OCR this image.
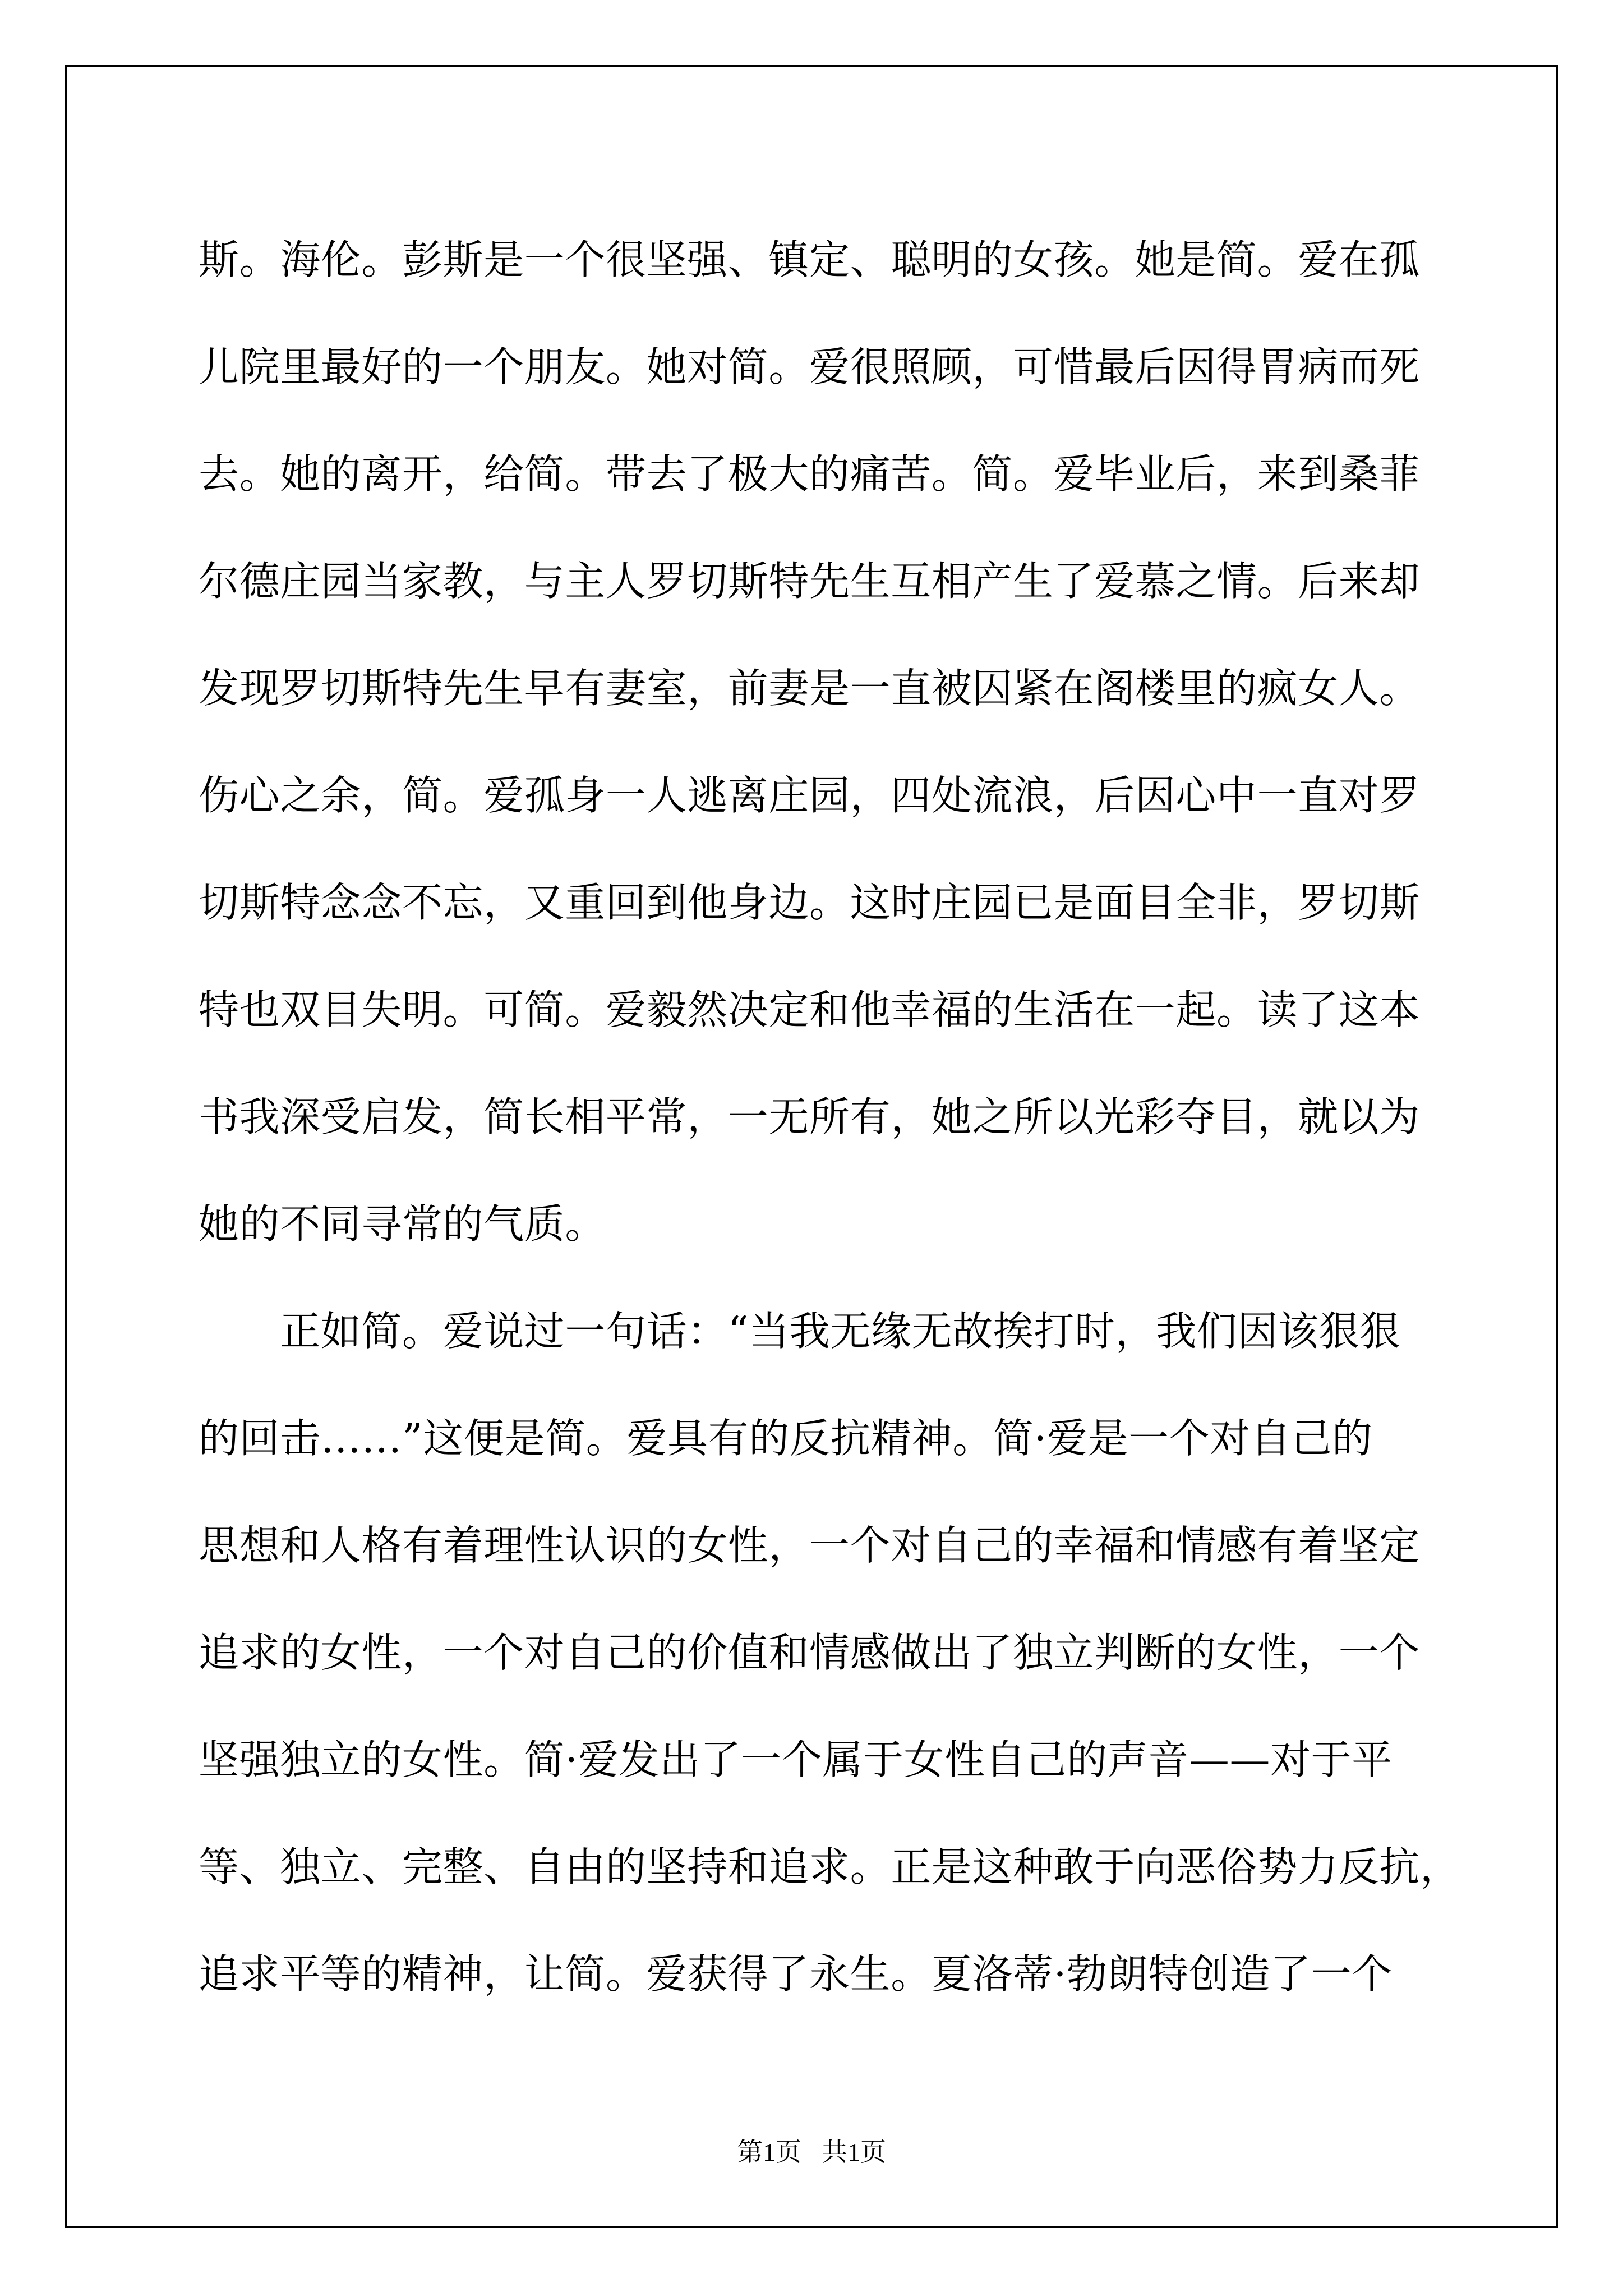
斯。海伦。彭斯是一个很坚强、镇定、聪明的女孩。她是简。爱在孤
儿院里最好的一个朋友。她对简。爱很照顾，可惜最后因得胃病而死
去。她的离开，给简。带去了极大的痛苦。简。爱毕业后，来到桑菲
尔德庄园当家教，与主人罗切斯特先生互相产生了爱慕之情。后来却
发现罗切斯特先生早有妻室，前妻是一直被囚紧在阁楼里的疯女人。
伤心之余，简。爱孤身一人逃离庄园，四处流浪，后因心中一直对罗
切斯特念念不忘，又重回到他身边。这时庄园已是面目全非，罗切斯
特也双目失明。可简。爱毅然决定和他幸福的生活在一起。读了这本
书我深受启发，简长相平常，一无所有，她之所以光彩夺目，就以为
她的不同寻常的气质。
　　正如简。爱说过一句话：“当我无缘无故挨打时，我们因该狠狠
的回击……”这便是简。爱具有的反抗精神。简·爱是一个对自己的
思想和人格有着理性认识的女性，一个对自己的幸福和情感有着坚定
追求的女性，一个对自己的价值和情感做出了独立判断的女性，一个
坚强独立的女性。简·爱发出了一个属于女性自己的声音——对于平
等、独立、完整、自由的坚持和追求。正是这种敢于向恶俗势力反抗，
追求平等的精神，让简。爱获得了永生。夏洛蒂·勃朗特创造了一个
第1页 共1页
